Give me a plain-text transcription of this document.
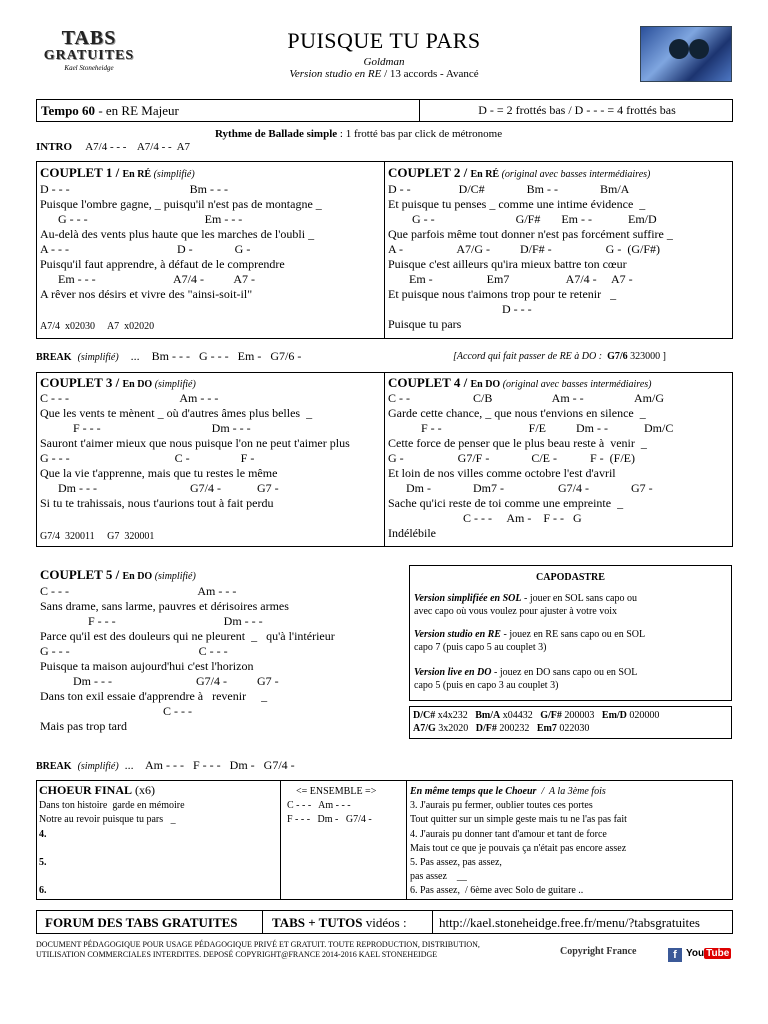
TABS
GRATUITES
Kael Stoneheidge
PUISQUE TU PARS
Goldman
Version studio en RE / 13 accords - Avancé
Tempo 60 - en RE Majeur	D - = 2 frottés bas / D - - - = 4 frottés bas
Rythme de Ballade simple : 1 frotté bas par click de métronome
INTRO A7/4 - - -    A7/4 - -  A7
COUPLET 1 / En RÉ (simplifié)
D - - -                                        Bm - - -
Puisque l'ombre gagne, _ puisqu'il n'est pas de montagne _
G - - -                                       Em - - -
Au-delà des vents plus haute que les marches de l'oubli _
A - - -                                    D -              G -
Puisqu'il faut apprendre, à défaut de le comprendre
Em - - -                          A7/4 -          A7 -
A rêver nos désirs et vivre des "ainsi-soit-il"
A7/4  x02030     A7  x02020
COUPLET 2 / En RÉ (original avec basses intermédiaires)
D - -                D/C#              Bm - -              Bm/A
Et puisque tu penses _ comme une intime évidence  _
G - -                           G/F#       Em - -            Em/D
Que parfois même tout donner n'est pas forcément suffire _
A -                  A7/G -          D/F# -                  G -  (G/F#)
Puisque c'est ailleurs qu'ira mieux battre ton cœur
Em -                  Em7                   A7/4 -     A7 -
Et puisque nous t'aimons trop pour te retenir   _
D - - -
Puisque tu pars
BREAK (simplifié) ...    Bm - - -   G - - -   Em -   G7/6 -	[Accord qui fait passer de RE à DO : G7/6 323000 ]
COUPLET 3 / En DO (simplifié)
C - - -                                     Am - - -
Que les vents te mènent _ où d'autres âmes plus belles  _
F - - -                                     Dm - - -
Sauront t'aimer mieux que nous puisque l'on ne peut t'aimer plus
G - - -                                   C -                 F -
Que la vie t'apprenne, mais que tu restes le même
Dm - - -                               G7/4 -            G7 -
Si tu te trahissais, nous t'aurions tout à fait perdu
G7/4  320011     G7  320001
COUPLET 4 / En DO (original avec basses intermédiaires)
C - -                     C/B                    Am - -                 Am/G
Garde cette chance, _ que nous t'envions en silence  _
F - -                             F/E          Dm - -            Dm/C
Cette force de penser que le plus beau reste à  venir  _
G -                  G7/F -              C/E -           F -  (F/E)
Et loin de nos villes comme octobre l'est d'avril
Dm -              Dm7 -                  G7/4 -              G7 -
Sache qu'ici reste de toi comme une empreinte  _
C - - -     Am -    F - -   G
Indélébile
COUPLET 5 / En DO (simplifié)
C - - -                                           Am - - -
Sans drame, sans larme, pauvres et dérisoires armes
F - - -                                    Dm - - -
Parce qu'il est des douleurs qui ne pleurent  _   qu'à l'intérieur
G - - -                                           C - - -
Puisque ta maison aujourd'hui c'est l'horizon
Dm - - -                            G7/4 -          G7 -
Dans ton exil essaie d'apprendre à   revenir     _
C - - -
Mais pas trop tard
CAPODASTRE
Version simplifiée en SOL - jouer en SOL sans capo ou
avec capo où vous voulez pour ajuster à votre voix
Version studio en RE - jouez en RE sans capo ou en SOL
capo 7 (puis capo 5 au couplet 3)
Version live en DO - jouez en DO sans capo ou en SOL
capo 5 (puis en capo 3 au couplet 3)
D/C# x4x232   Bm/A x04432   G/F# 200003   Em/D 020000
A7/G 3x2020   D/F# 200232   Em7 022030
BREAK (simplifié) ...    Am - - -   F - - -   Dm -   G7/4 -
CHOEUR FINAL (x6)
Dans ton histoire  garde en mémoire
Notre au revoir puisque tu pars   _
4.
5.
6.
<= ENSEMBLE =>
C - - -   Am - - -
F - - -   Dm -   G7/4 -
En même temps que le Choeur  /  A la 3ème fois
3. J'aurais pu fermer, oublier toutes ces portes
Tout quitter sur un simple geste mais tu ne l'as pas fait
4. J'aurais pu donner tant d'amour et tant de force
Mais tout ce que je pouvais ça n'était pas encore assez
5. Pas assez, pas assez,
pas assez    __
6. Pas assez,  / 6ème avec Solo de guitare ..
FORUM DES TABS GRATUITES	TABS + TUTOS vidéos : http://kael.stoneheidge.free.fr/menu/?tabsgratuites
DOCUMENT PÉDAGOGIQUE POUR USAGE PÉDAGOGIQUE PRIVÉ ET GRATUIT. TOUTE REPRODUCTION, DISTRIBUTION,
UTILISATION COMMERCIALES INTERDITES. DEPOSÉ COPYRIGHT@FRANCE 2014-2016 KAEL STONEHEIDGE	Copyright France	f You Tube
